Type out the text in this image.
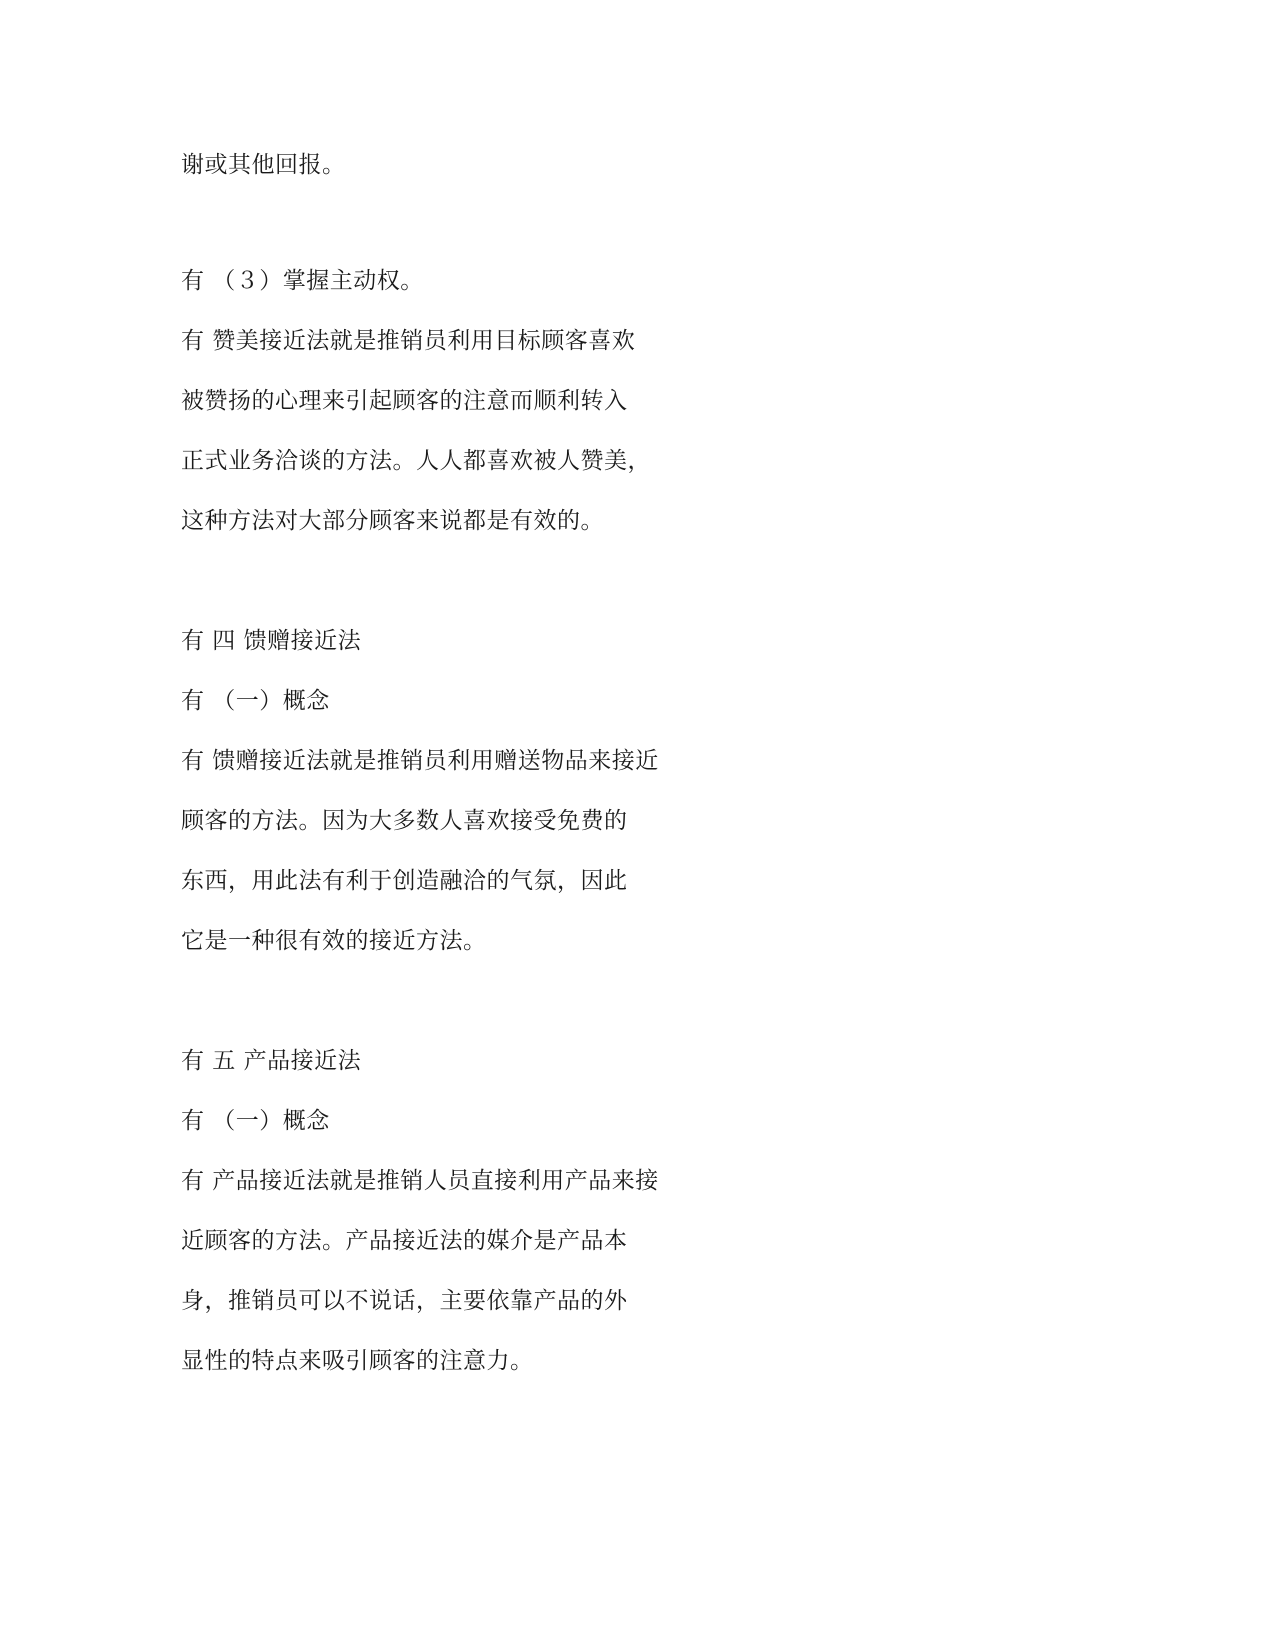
谢或其他回报。
有 （３）掌握主动权。
有 赞美接近法就是推销员利用目标顾客喜欢
被赞扬的心理来引起顾客的注意而顺利转入
正式业务洽谈的方法。人人都喜欢被人赞美，
这种方法对大部分顾客来说都是有效的。
有 四 馈赠接近法
有 （一）概念
有 馈赠接近法就是推销员利用赠送物品来接近
顾客的方法。因为大多数人喜欢接受免费的
东西，用此法有利于创造融洽的气氛，因此
它是一种很有效的接近方法。
有 五 产品接近法
有 （一）概念
有 产品接近法就是推销人员直接利用产品来接
近顾客的方法。产品接近法的媒介是产品本
身，推销员可以不说话，主要依靠产品的外
显性的特点来吸引顾客的注意力。
